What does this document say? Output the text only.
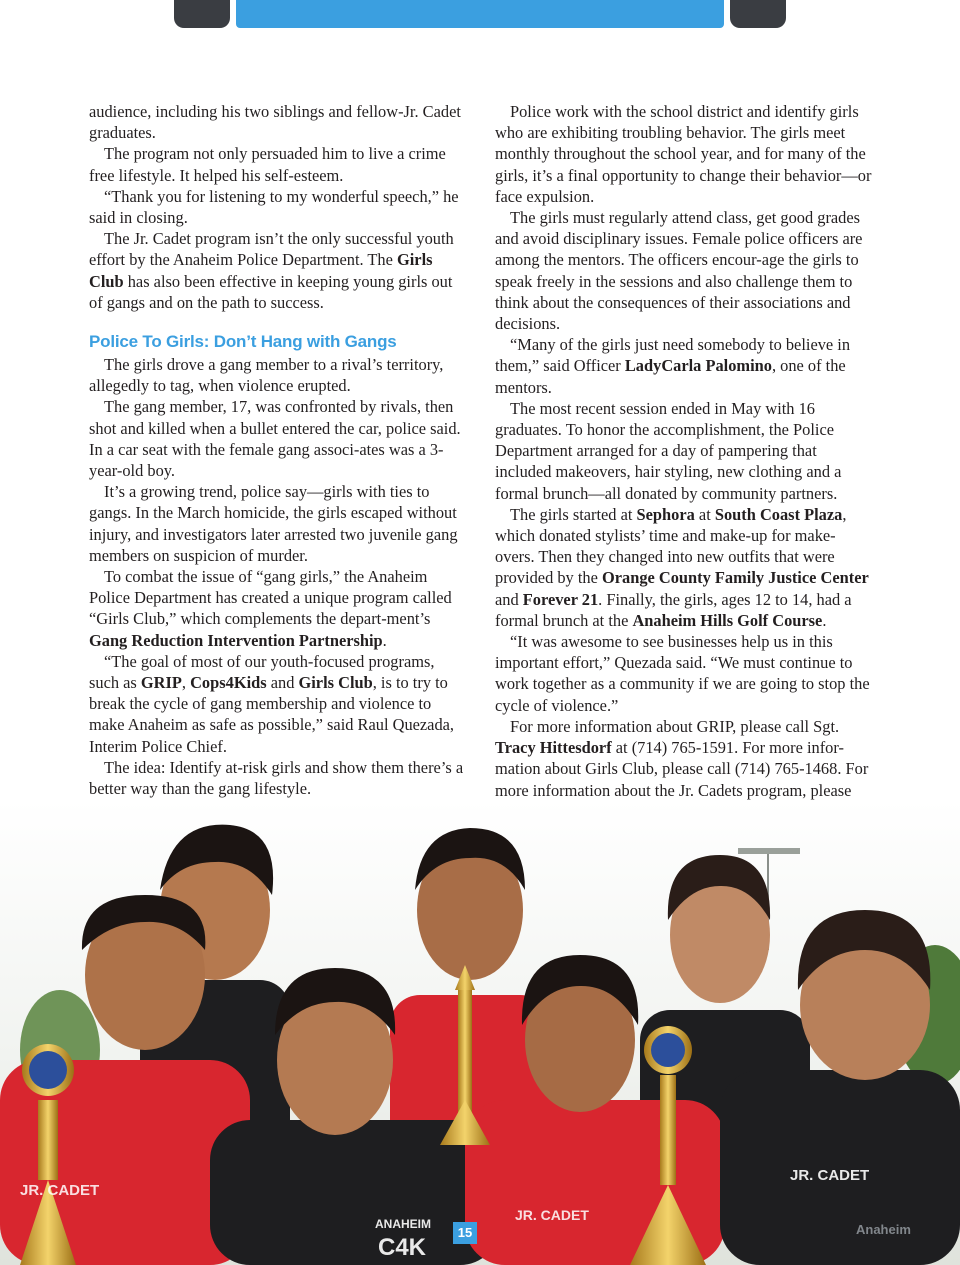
audience, including his two siblings and fellow-Jr. Cadet graduates.

The program not only persuaded him to live a crime free lifestyle. It helped his self-esteem.

“Thank you for listening to my wonderful speech,” he said in closing.

The Jr. Cadet program isn’t the only successful youth effort by the Anaheim Police Department. The Girls Club has also been effective in keeping young girls out of gangs and on the path to success.

Police To Girls: Don’t Hang with Gangs

The girls drove a gang member to a rival’s territory, allegedly to tag, when violence erupted.

The gang member, 17, was confronted by rivals, then shot and killed when a bullet entered the car, police said. In a car seat with the female gang associ-ates was a 3-year-old boy.

It’s a growing trend, police say—girls with ties to gangs. In the March homicide, the girls escaped without injury, and investigators later arrested two juvenile gang members on suspicion of murder.

To combat the issue of “gang girls,” the Anaheim Police Department has created a unique program called “Girls Club,” which complements the depart-ment’s Gang Reduction Intervention Partnership.

“The goal of most of our youth-focused programs, such as GRIP, Cops4Kids and Girls Club, is to try to break the cycle of gang membership and violence to make Anaheim as safe as possible,” said Raul Quezada, Interim Police Chief.

The idea: Identify at-risk girls and show them there’s a better way than the gang lifestyle.

Police work with the school district and identify girls who are exhibiting troubling behavior. The girls meet monthly throughout the school year, and for many of the girls, it’s a final opportunity to change their behavior—or face expulsion.

The girls must regularly attend class, get good grades and avoid disciplinary issues. Female police officers are among the mentors. The officers encour-age the girls to speak freely in the sessions and also challenge them to think about the consequences of their associations and decisions.

“Many of the girls just need somebody to believe in them,” said Officer LadyCarla Palomino, one of the mentors.

The most recent session ended in May with 16 graduates. To honor the accomplishment, the Police Department arranged for a day of pampering that included makeovers, hair styling, new clothing and a formal brunch—all donated by community partners.

The girls started at Sephora at South Coast Plaza, which donated stylists’ time and make-up for make-overs. Then they changed into new outfits that were provided by the Orange County Family Justice Center and Forever 21. Finally, the girls, ages 12 to 14, had a formal brunch at the Anaheim Hills Golf Course.

“It was awesome to see businesses help us in this important effort,” Quezada said. “We must continue to work together as a community if we are going to stop the cycle of violence.”

For more information about GRIP, please call Sgt. Tracy Hittesdorf at (714) 765-1591. For more infor-mation about Girls Club, please call (714) 765-1468. For more information about the Jr. Cadets program, please

JR. CADET
JR. CADET
JR. CADET
ANAHEIM
C4K
15	Anaheim
